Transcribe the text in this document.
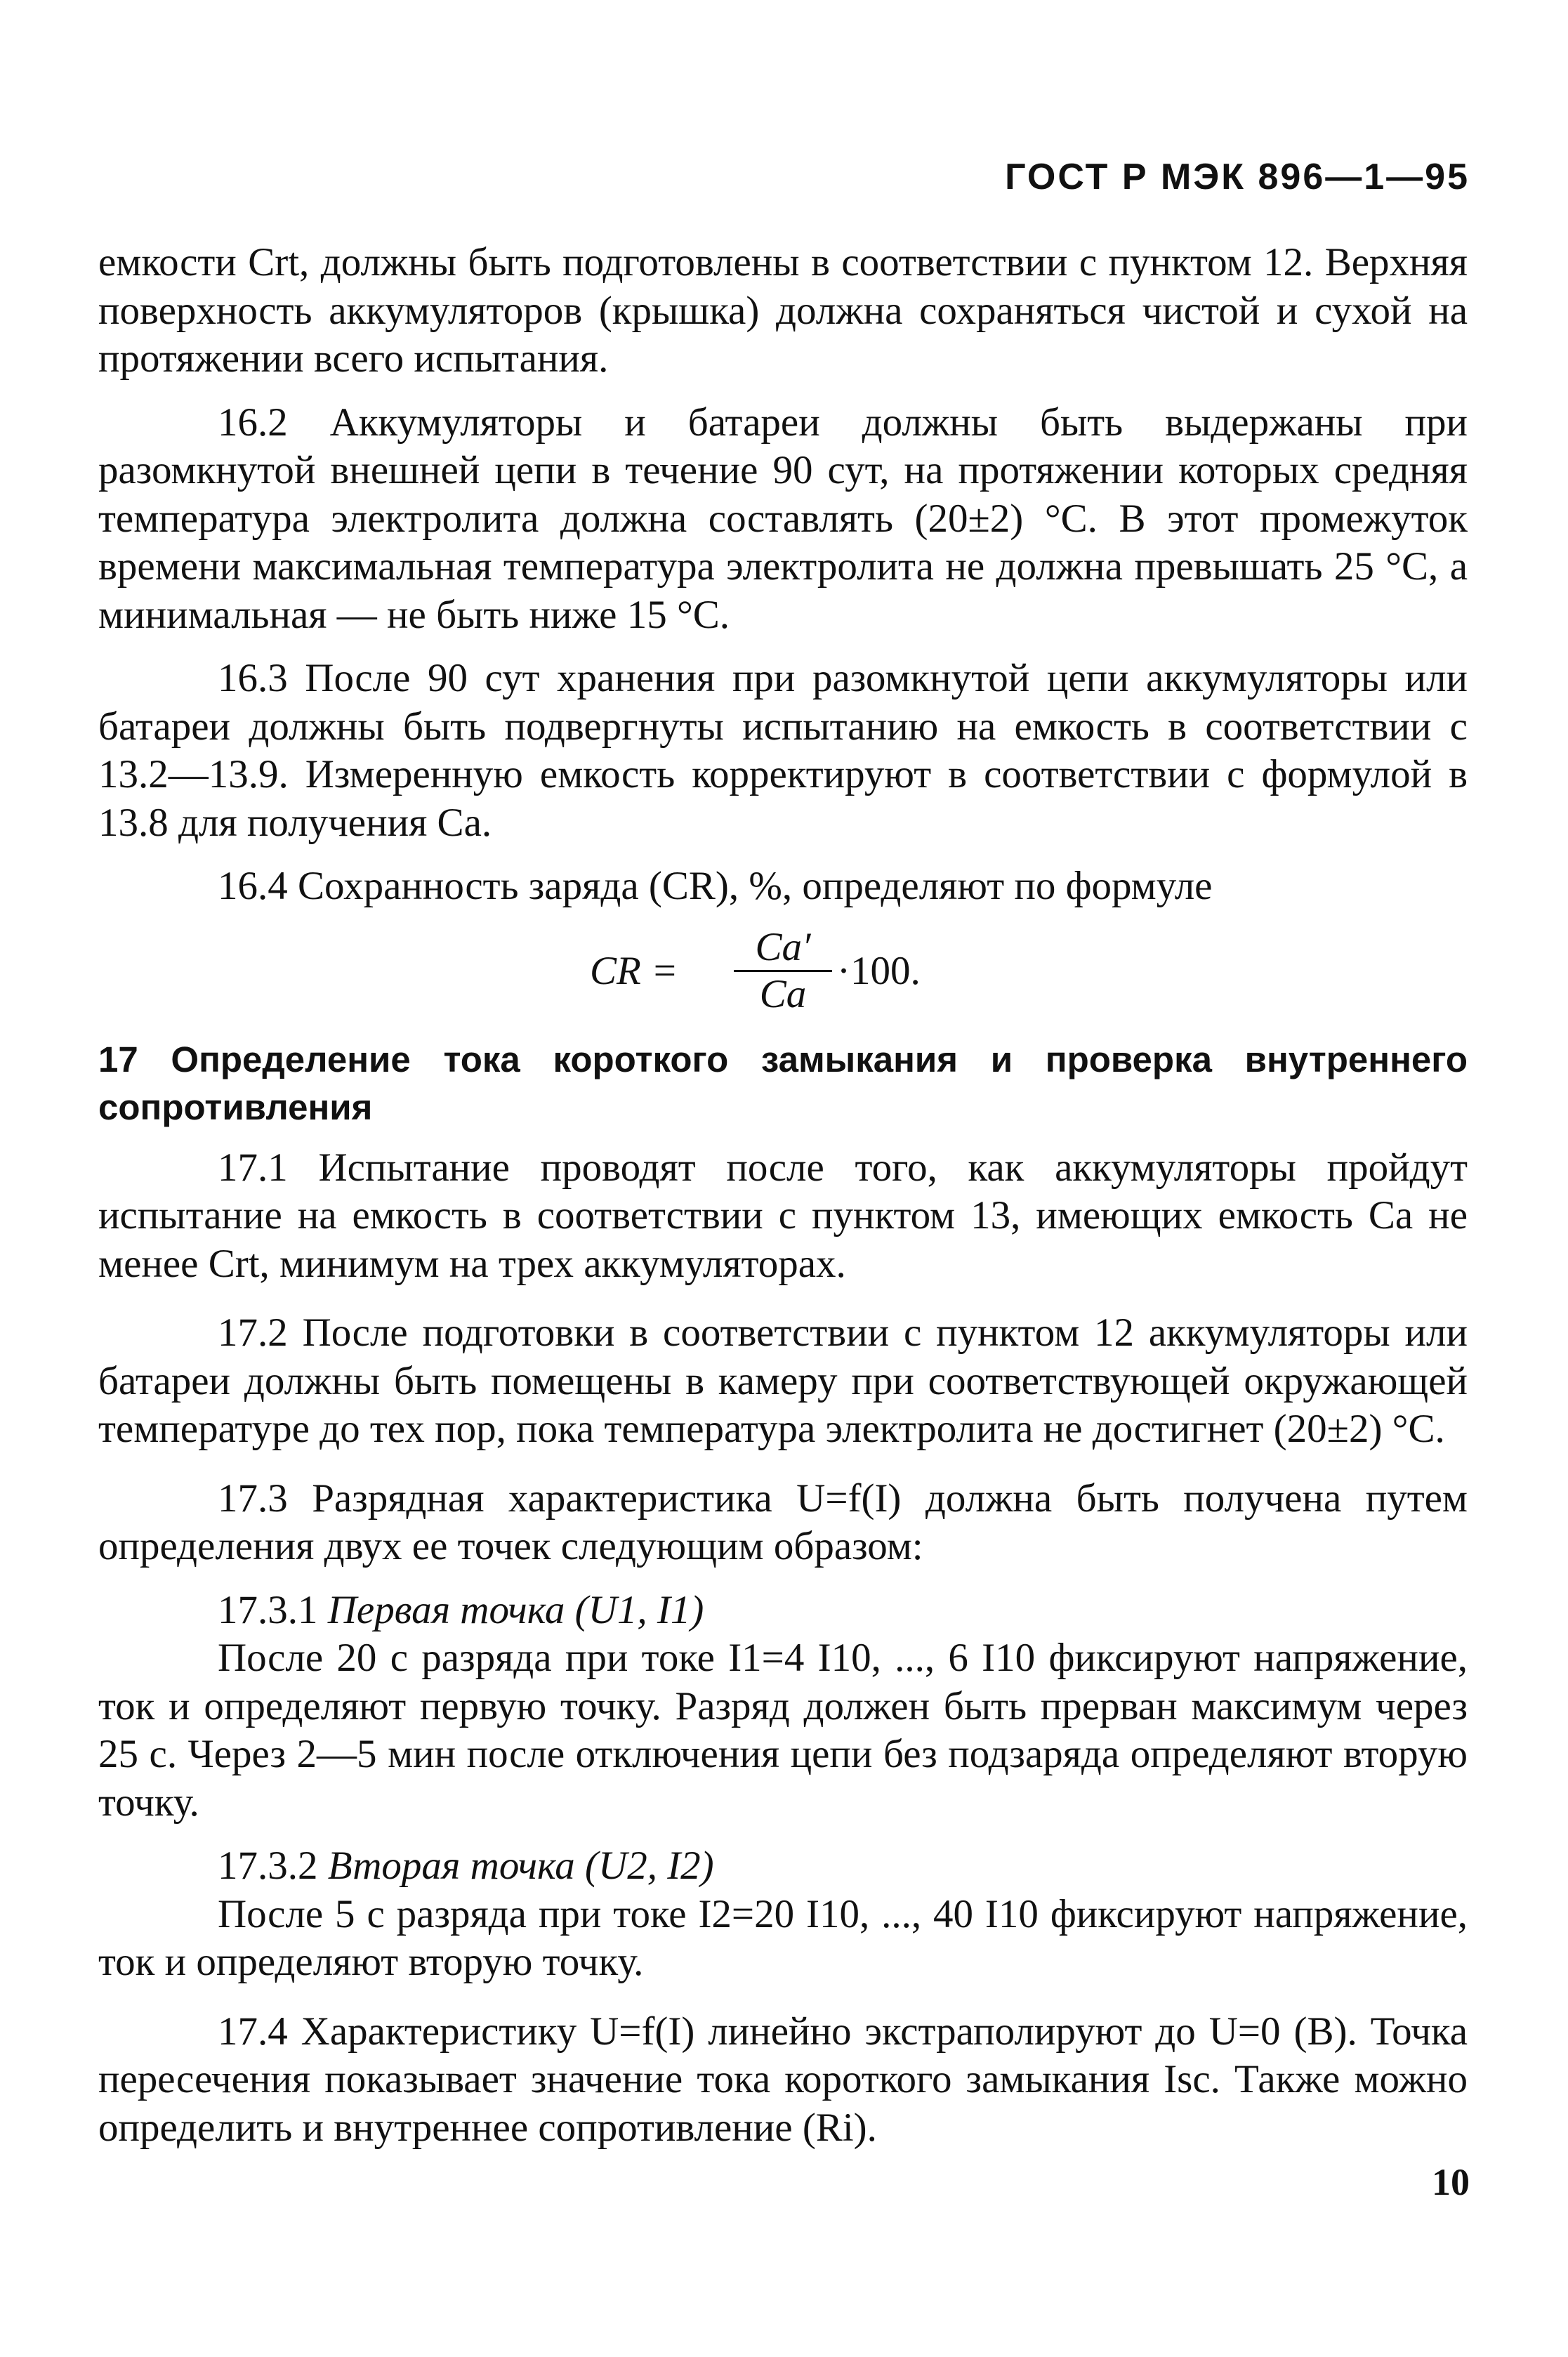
ГОСТ Р МЭК 896—1—95

емкости Crt, должны быть подготовлены в соответствии с пунктом 12. Верхняя поверхность аккумуляторов (крышка) должна сохраняться чистой и сухой на протяжении всего испытания.

16.2 Аккумуляторы и батареи должны быть выдержаны при разомкнутой внешней цепи в течение 90 сут, на протяжении которых средняя температура электролита должна составлять (20±2) °С. В этот промежуток времени максимальная температура электролита не должна превышать 25 °С, а минимальная — не быть ниже 15 °С.

16.3 После 90 сут хранения при разомкнутой цепи аккумуляторы или батареи должны быть подвергнуты испытанию на емкость в соответствии с 13.2—13.9. Измеренную емкость корректируют в соответствии с формулой в 13.8 для получения Ca.

16.4 Сохранность заряда (CR), %, определяют по формуле

CR =
Ca′
Ca
·100.

17 Определение тока короткого замыкания и проверка внутреннего сопротивления

17.1 Испытание проводят после того, как аккумуляторы пройдут испытание на емкость в соответствии с пунктом 13, имеющих емкость Ca не менее Crt, минимум на трех аккумуляторах.

17.2 После подготовки в соответствии с пунктом 12 аккумуляторы или батареи должны быть помещены в камеру при соответствующей окружающей температуре до тех пор, пока температура электролита не достигнет (20±2) °С.

17.3 Разрядная характеристика U=f(I) должна быть получена путем определения двух ее точек следующим образом:

17.3.1 Первая точка (U1, I1)

После 20 с разряда при токе I1=4 I10, ..., 6 I10 фиксируют напряжение, ток и определяют первую точку. Разряд должен быть прерван максимум через 25 с. Через 2—5 мин после отключения цепи без подзаряда определяют вторую точку.

17.3.2 Вторая точка (U2, I2)

После 5 с разряда при токе I2=20 I10, ..., 40 I10 фиксируют напряжение, ток и определяют вторую точку.

17.4 Характеристику U=f(I) линейно экстраполируют до U=0 (В). Точка пересечения показывает значение тока короткого замыкания Isc. Также можно определить и внутреннее сопротивление (Ri).

10
